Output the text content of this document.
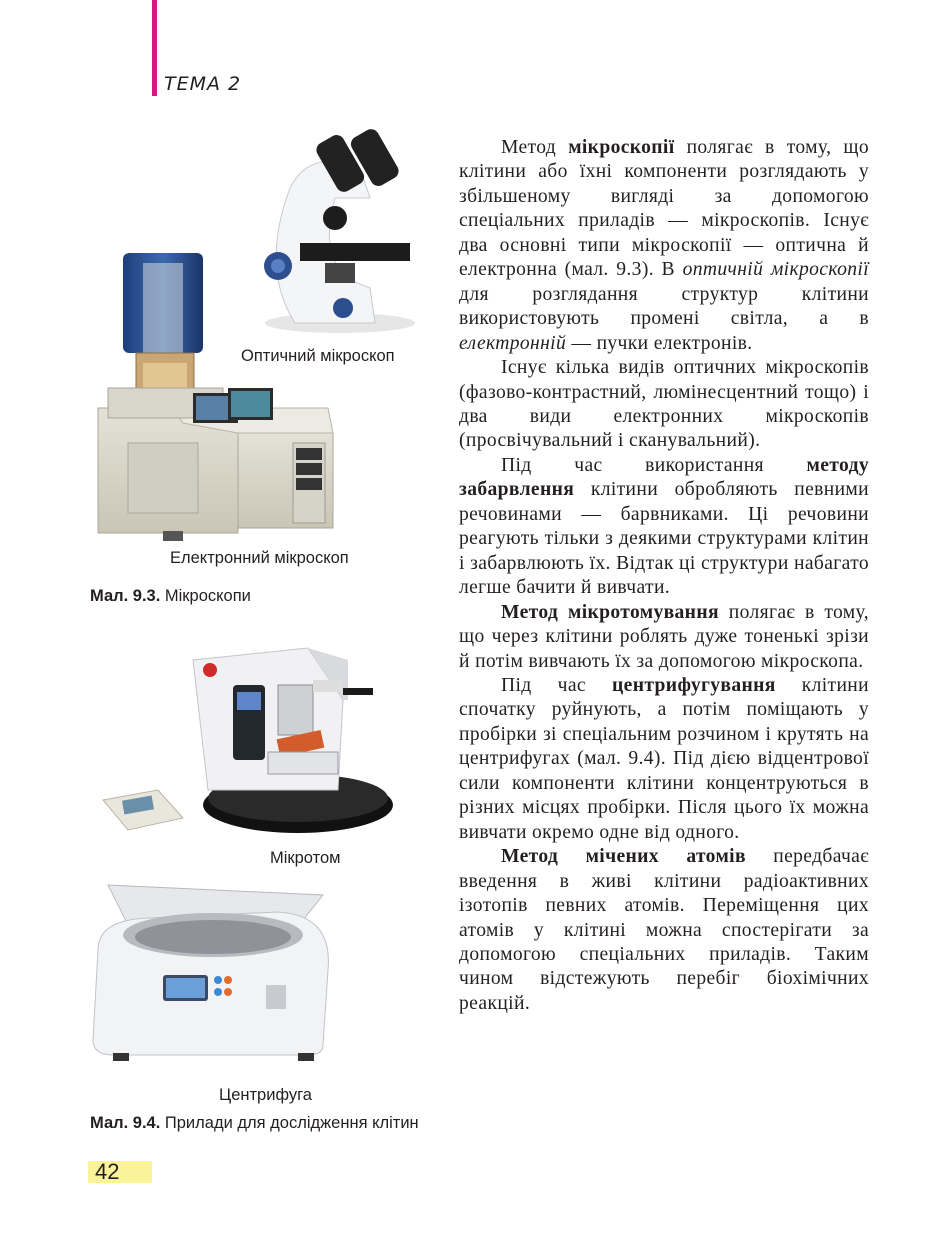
ТЕМА 2
Оптичний мікроскоп
Електронний мікроскоп
Мал. 9.3. Мікроскопи
Мікротом
Центрифуга
Мал. 9.4. Прилади для дослідження клітин

Метод мікроскопії полягає в тому, що клітини або їхні компоненти розглядають у збільшеному вигляді за допомогою спеціальних приладів — мікроскопів. Існує два основні типи мікроскопії — оптична й електронна (мал. 9.3). В оптичній мікроскопії для розглядання структур клітини використовують промені світла, а в електронній — пучки електронів.

Існує кілька видів оптичних мікроскопів (фазово-контрастний, люмінесцентний тощо) і два види електронних мікроскопів (просвічувальний і сканувальний).

Під час використання методу забарвлення клітини обробляють певними речовинами — барвниками. Ці речовини реагують тільки з деякими структурами клітин і забарвлюють їх. Відтак ці структури набагато легше бачити й вивчати.

Метод мікротомування полягає в тому, що через клітини роблять дуже тоненькі зрізи й потім вивчають їх за допомогою мікроскопа.

Під час центрифугування клітини спочатку руйнують, а потім поміщають у пробірки зі спеціальним розчином і крутять на центрифугах (мал. 9.4). Під дією відцентрової сили компоненти клітини концентруються в різних місцях пробірки. Після цього їх можна вивчати окремо одне від одного.

Метод мічених атомів передбачає введення в живі клітини радіоактивних ізотопів певних атомів. Переміщення цих атомів у клітині можна спостерігати за допомогою спеціальних приладів. Таким чином відстежують перебіг біохімічних реакцій.

42
